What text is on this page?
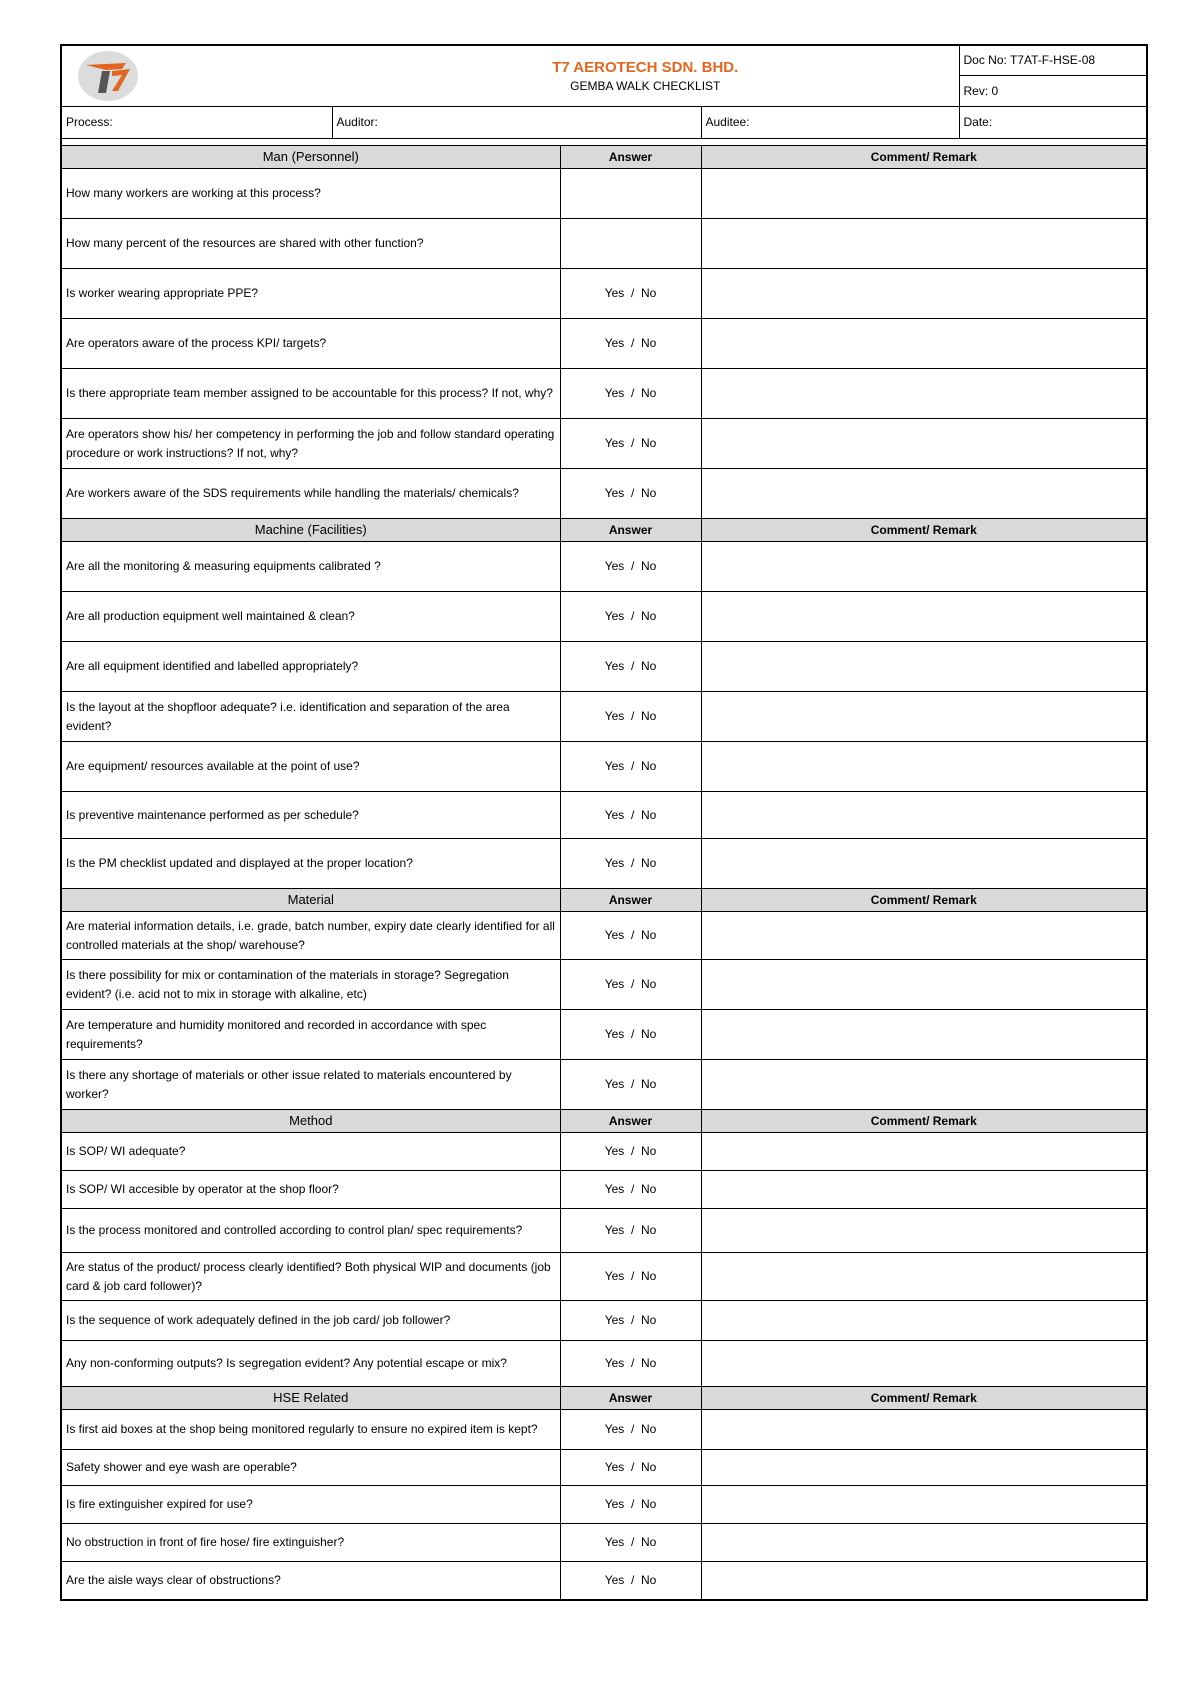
T7 AEROTECH SDN. BHD.
GEMBA WALK CHECKLIST			Doc No: T7AT-F-HSE-08
				Rev: 0
Process:	Auditor:		Auditee:	Date:

Man (Personnel)		Answer	Comment/ Remark	
How many workers are working at this process?				
How many percent of the resources are shared with other function?				
Is worker wearing appropriate PPE?		Yes  /  No		
Are operators aware of the process KPI/ targets?		Yes  /  No		
Is there appropriate team member assigned to be accountable for this process? If not, why?		Yes  /  No		
Are operators show his/ her competency in performing the job and follow standard operating procedure or work instructions? If not, why?		Yes  /  No		
Are workers aware of the SDS requirements while handling the materials/ chemicals?		Yes  /  No		
Machine (Facilities)		Answer	Comment/ Remark	
Are all the monitoring & measuring equipments calibrated ?		Yes  /  No		
Are all production equipment well maintained & clean?		Yes  /  No		
Are all equipment identified and labelled appropriately?		Yes  /  No		
Is the layout at the shopfloor adequate? i.e. identification and separation of the area evident?		Yes  /  No		
Are equipment/ resources available at the point of use?		Yes  /  No		
Is preventive maintenance performed as per schedule?		Yes  /  No		
Is the PM checklist updated and displayed at the proper location?		Yes  /  No		
Material		Answer	Comment/ Remark	
Are material information details, i.e. grade, batch number, expiry date clearly identified for all controlled materials at the shop/ warehouse?		Yes  /  No		
Is there possibility for mix or contamination of the materials in storage? Segregation evident? (i.e. acid not to mix in storage with alkaline, etc)		Yes  /  No		
Are temperature and humidity monitored and recorded in accordance with spec requirements?		Yes  /  No		
Is there any shortage of materials or other issue related to materials encountered by worker?		Yes  /  No		
Method		Answer	Comment/ Remark	
Is SOP/ WI adequate?		Yes  /  No		
Is SOP/ WI accesible by operator at the shop floor?		Yes  /  No		
Is the process monitored and controlled according to control plan/ spec requirements?		Yes  /  No		
Are status of the product/ process clearly identified? Both physical WIP and documents (job card & job card follower)?		Yes  /  No		
Is the sequence of work adequately defined in the job card/ job follower?		Yes  /  No		
Any non-conforming outputs? Is segregation evident? Any potential escape or mix?		Yes  /  No		
HSE Related		Answer	Comment/ Remark	
Is first aid boxes at the shop being monitored regularly to ensure no expired item is kept?		Yes  /  No		
Safety shower and eye wash are operable?		Yes  /  No		
Is fire extinguisher expired for use?		Yes  /  No		
No obstruction in front of fire hose/ fire extinguisher?		Yes  /  No		
Are the aisle ways clear of obstructions?		Yes  /  No		
